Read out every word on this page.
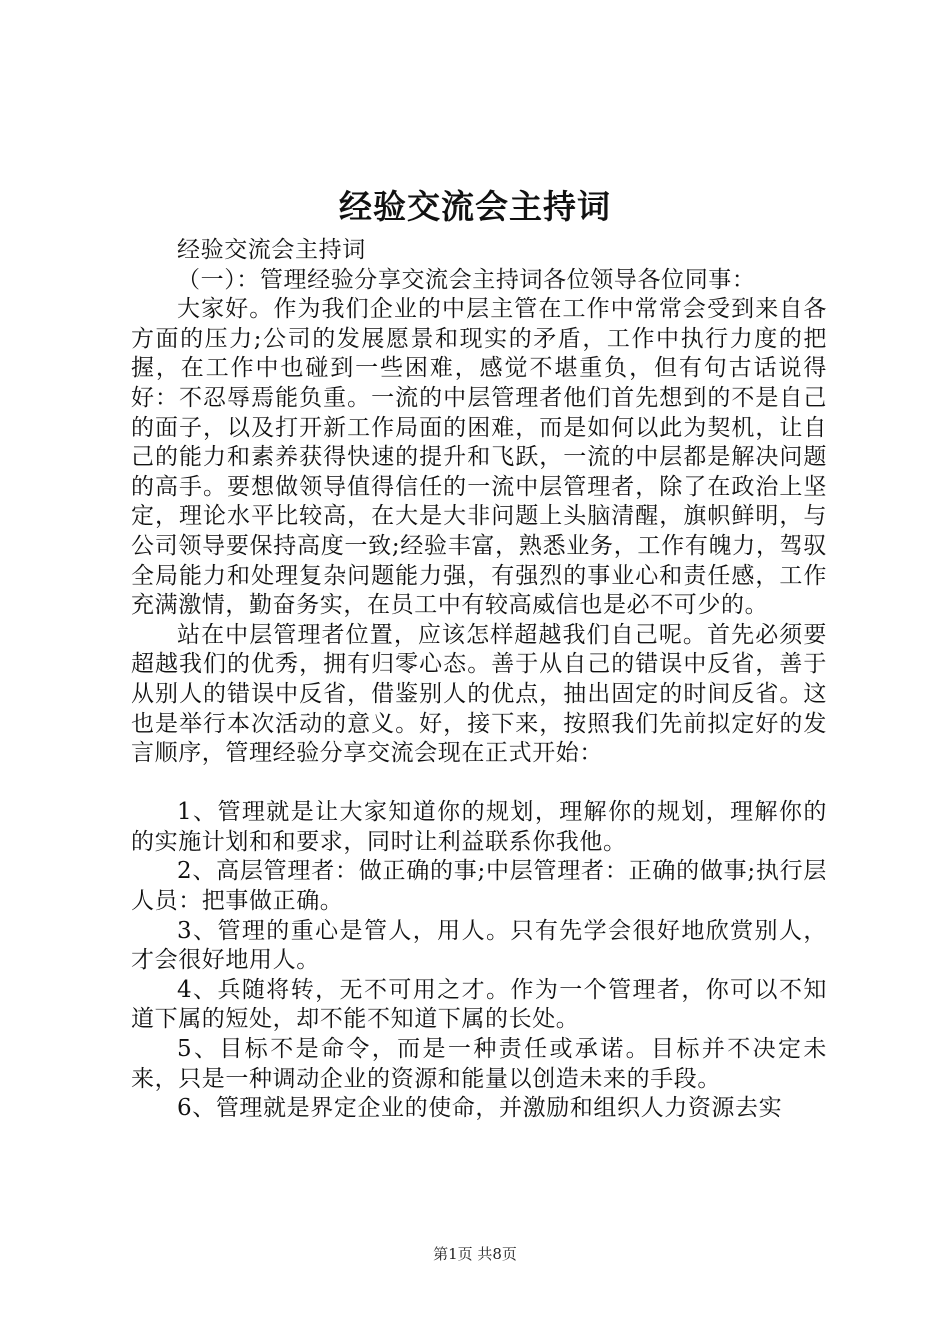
经验交流会主持词

经验交流会主持词

（一）：管理经验分享交流会主持词各位领导各位同事：

大家好。作为我们企业的中层主管在工作中常常会受到来自各方面的压力;公司的发展愿景和现实的矛盾，工作中执行力度的把握，在工作中也碰到一些困难，感觉不堪重负，但有句古话说得好：不忍辱焉能负重。一流的中层管理者他们首先想到的不是自己的面子，以及打开新工作局面的困难，而是如何以此为契机，让自己的能力和素养获得快速的提升和飞跃，一流的中层都是解决问题的高手。要想做领导值得信任的一流中层管理者，除了在政治上坚定，理论水平比较高，在大是大非问题上头脑清醒，旗帜鲜明，与公司领导要保持高度一致;经验丰富，熟悉业务，工作有魄力，驾驭全局能力和处理复杂问题能力强，有强烈的事业心和责任感，工作充满激情，勤奋务实，在员工中有较高威信也是必不可少的。

站在中层管理者位置，应该怎样超越我们自己呢。首先必须要超越我们的优秀，拥有归零心态。善于从自己的错误中反省，善于从别人的错误中反省，借鉴别人的优点，抽出固定的时间反省。这也是举行本次活动的意义。好，接下来，按照我们先前拟定好的发言顺序，管理经验分享交流会现在正式开始：

1、管理就是让大家知道你的规划，理解你的规划，理解你的的实施计划和和要求，同时让利益联系你我他。

2、高层管理者：做正确的事;中层管理者：正确的做事;执行层人员：把事做正确。

3、管理的重心是管人，用人。只有先学会很好地欣赏别人，才会很好地用人。

4、兵随将转，无不可用之才。作为一个管理者，你可以不知道下属的短处，却不能不知道下属的长处。

5、目标不是命令，而是一种责任或承诺。目标并不决定未来，只是一种调动企业的资源和能量以创造未来的手段。

6、管理就是界定企业的使命，并激励和组织人力资源去实

第1页 共8页
